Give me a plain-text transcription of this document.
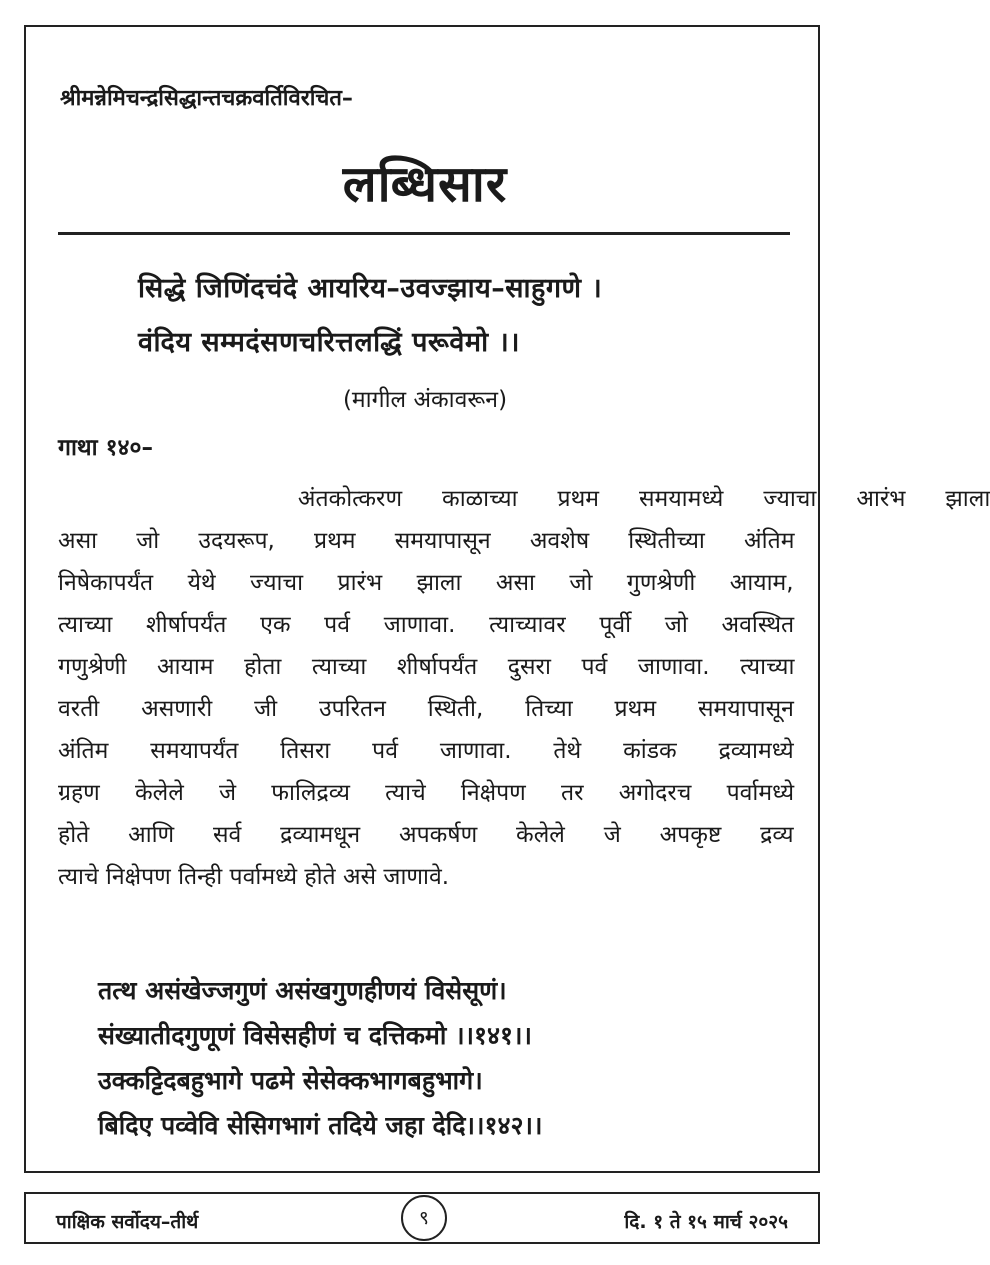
श्रीमन्नेमिचन्द्रसिद्धान्तचक्रवर्तिविरचित–
लब्धिसार
सिद्धे जिणिंदचंदे आयरिय–उवज्झाय–साहुगणे ।
वंदिय सम्मदंसणचरित्तलद्धिं परूवेमो ।।
(मागील अंकावरून)
गाथा १४०–
अंतकोत्करण काळाच्या प्रथम समयामध्ये ज्याचा आरंभ झाला
असा जो उदयरूप, प्रथम समयापासून अवशेष स्थितीच्या अंतिम
निषेकापर्यंत येथे ज्याचा प्रारंभ झाला असा जो गुणश्रेणी आयाम,
त्याच्या शीर्षापर्यंत एक पर्व जाणावा. त्याच्यावर पूर्वी जो अवस्थित
गणुश्रेणी आयाम होता त्याच्या शीर्षापर्यंत दुसरा पर्व जाणावा. त्याच्या
वरती असणारी जी उपरितन स्थिती, तिच्या प्रथम समयापासून
अंतिम समयापर्यंत तिसरा पर्व जाणावा. तेथे कांडक द्रव्यामध्ये
ग्रहण केलेले जे फालिद्रव्य त्याचे निक्षेपण तर अगोदरच पर्वामध्ये
होते आणि सर्व द्रव्यामधून अपकर्षण केलेले जे अपकृष्ट द्रव्य
त्याचे निक्षेपण तिन्ही पर्वामध्ये होते असे जाणावे.
तत्थ असंखेज्जगुणं असंखगुणहीणयं विसेसूणं।
संख्यातीदगुणूणं विसेसहीणं च दत्तिकमो ।।१४१।।
उक्कट्टिदबहुभागे पढमे सेसेक्कभागबहुभागे।
बिदिए पव्वेवि सेसिगभागं तदिये जहा देदि।।१४२।।
पाक्षिक सर्वोदय–तीर्थ	९	दि. १ ते १५ मार्च २०२५
